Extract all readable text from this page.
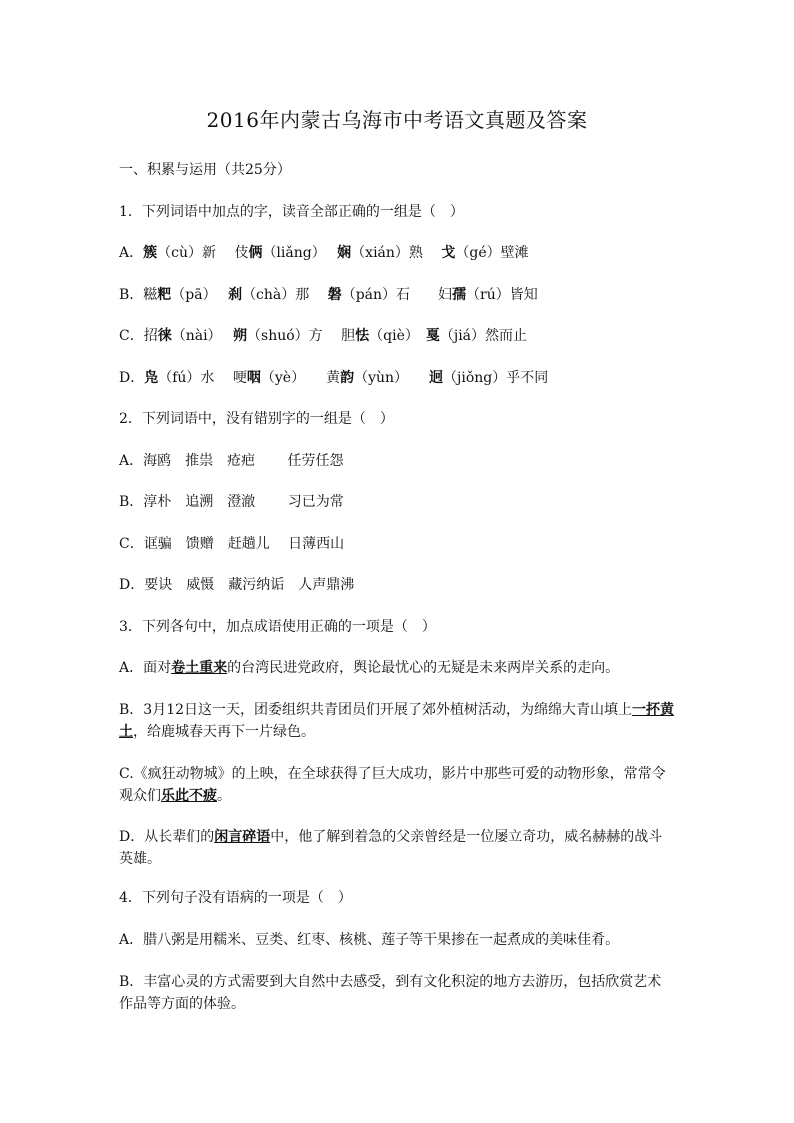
2016年内蒙古乌海市中考语文真题及答案
一、积累与运用（共25分）
1．下列词语中加点的字，读音全部正确的一组是（　）
A．簇（cù）新　 伎俩（liǎng）　 娴（xián）熟　 戈（gé）壁滩
B．糍粑（pā）　 刹（chà）那　 磐（pán）石　　妇孺（rú）皆知
C．招徕（nài）　 朔（shuó）方　 胆怯（qiè）　戛（jiá）然而止
D．凫（fú）水　 哽咽（yè）　　黄韵（yùn）　　迥（jiǒng）乎不同
2．下列词语中，没有错别字的一组是（　）
A．海鸥　推祟　疮疤　　 任劳任怨
B．淳朴　追溯　澄澈　　 习已为常
C．诓骗　馈赠　赶趟儿　 日薄西山
D．要诀　威慑　藏污纳诟　人声鼎沸
3．下列各句中，加点成语使用正确的一项是（　）
A．面对卷土重来的台湾民进党政府，舆论最忧心的无疑是未来两岸关系的走向。
B．3月12日这一天，团委组织共青团员们开展了郊外植树活动，为绵绵大青山填上一抔黄土，给鹿城春天再下一片绿色。
C.《疯狂动物城》的上映，在全球获得了巨大成功，影片中那些可爱的动物形象，常常令观众们乐此不疲。
D．从长辈们的闲言碎语中，他了解到着急的父亲曾经是一位屡立奇功，威名赫赫的战斗英雄。
4．下列句子没有语病的一项是（　）
A．腊八粥是用糯米、豆类、红枣、核桃、莲子等干果掺在一起煮成的美味佳肴。
B．丰富心灵的方式需要到大自然中去感受，到有文化积淀的地方去游历，包括欣赏艺术作品等方面的体验。
